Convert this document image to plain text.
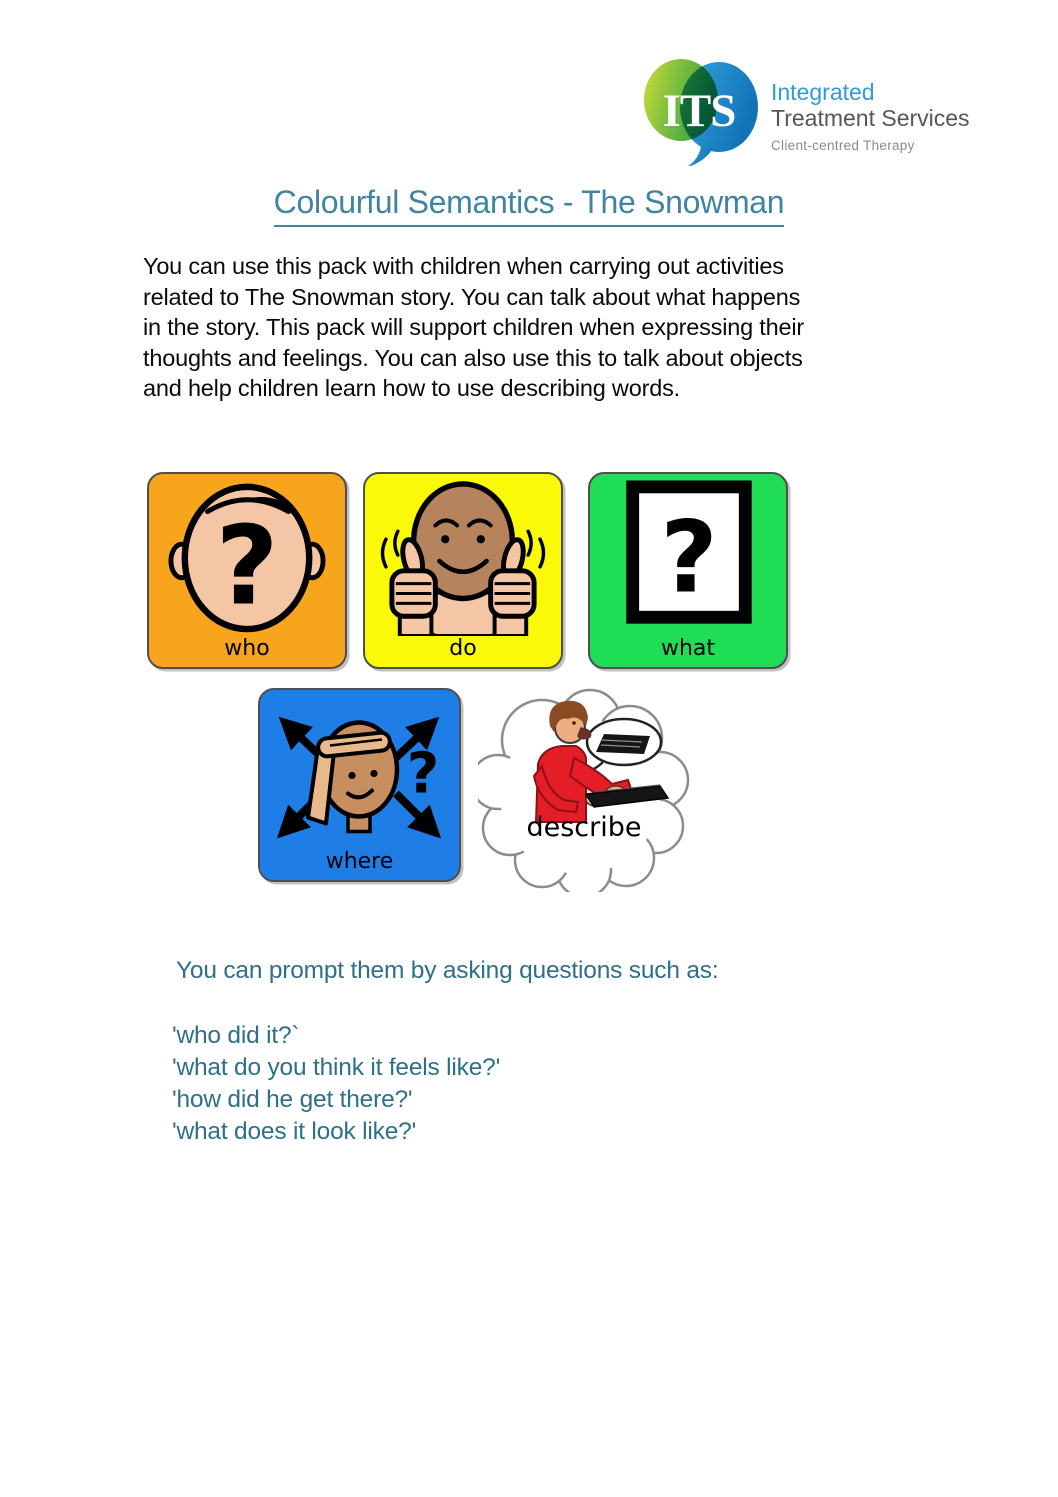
ITS Integrated
Treatment Services
Client-centred Therapy
Colourful Semantics - The Snowman
You can use this pack with children when carrying out activities
related to The Snowman story. You can talk about what happens
in the story. This pack will support children when expressing their
thoughts and feelings. You can also use this to talk about objects
and help children learn how to use describing words.
?
who	do
?
what
?
where
describe
You can prompt them by asking questions such as:
'who did it?`
'what do you think it feels like?'
'how did he get there?'
'what does it look like?'
